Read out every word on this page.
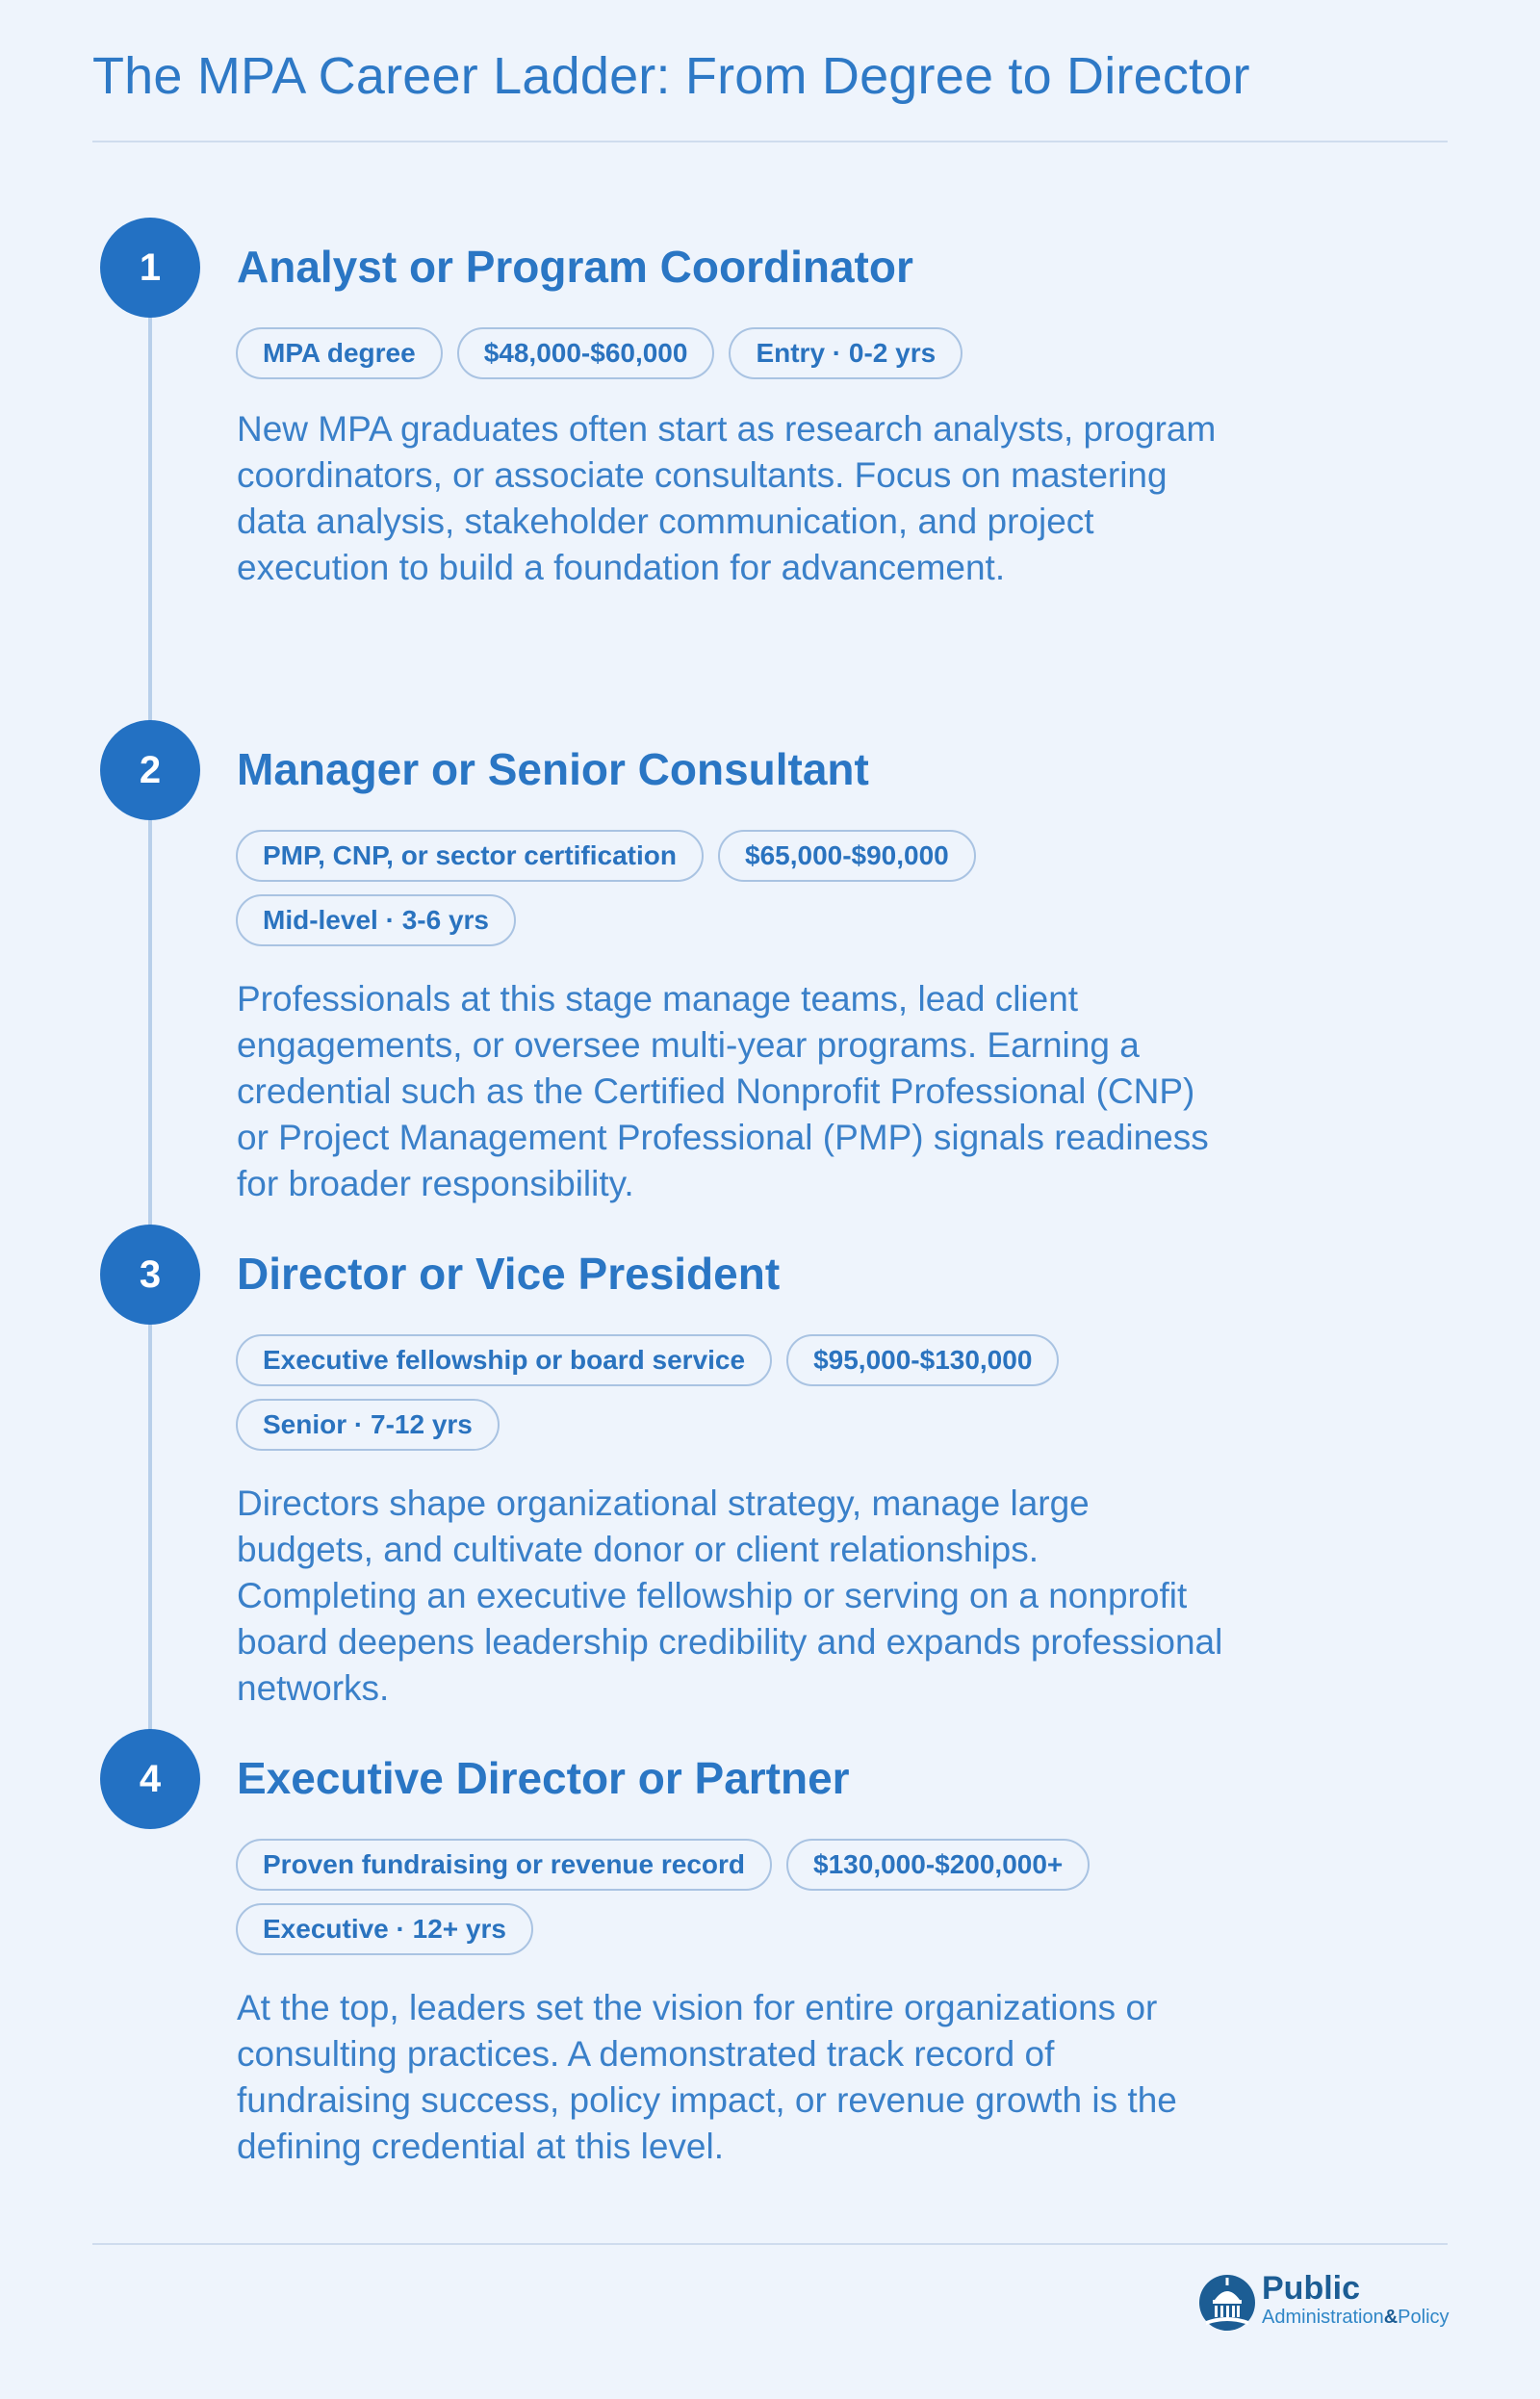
The MPA Career Ladder: From Degree to Director
1	Analyst or Program Coordinator
MPA degree	$48,000-$60,000	Entry · 0-2 yrs

New MPA graduates often start as research analysts, program coordinators, or associate consultants. Focus on mastering data analysis, stakeholder communication, and project execution to build a foundation for advancement.

2	Manager or Senior Consultant
PMP, CNP, or sector certification	$65,000-$90,000
Mid-level · 3-6 yrs

Professionals at this stage manage teams, lead client engagements, or oversee multi-year programs. Earning a credential such as the Certified Nonprofit Professional (CNP) or Project Management Professional (PMP) signals readiness for broader responsibility.

3	Director or Vice President
Executive fellowship or board service	$95,000-$130,000
Senior · 7-12 yrs

Directors shape organizational strategy, manage large budgets, and cultivate donor or client relationships. Completing an executive fellowship or serving on a nonprofit board deepens leadership credibility and expands professional networks.

4	Executive Director or Partner
Proven fundraising or revenue record	$130,000-$200,000+
Executive · 12+ yrs

At the top, leaders set the vision for entire organizations or consulting practices. A demonstrated track record of fundraising success, policy impact, or revenue growth is the defining credential at this level.

Public
Administration&Policy
